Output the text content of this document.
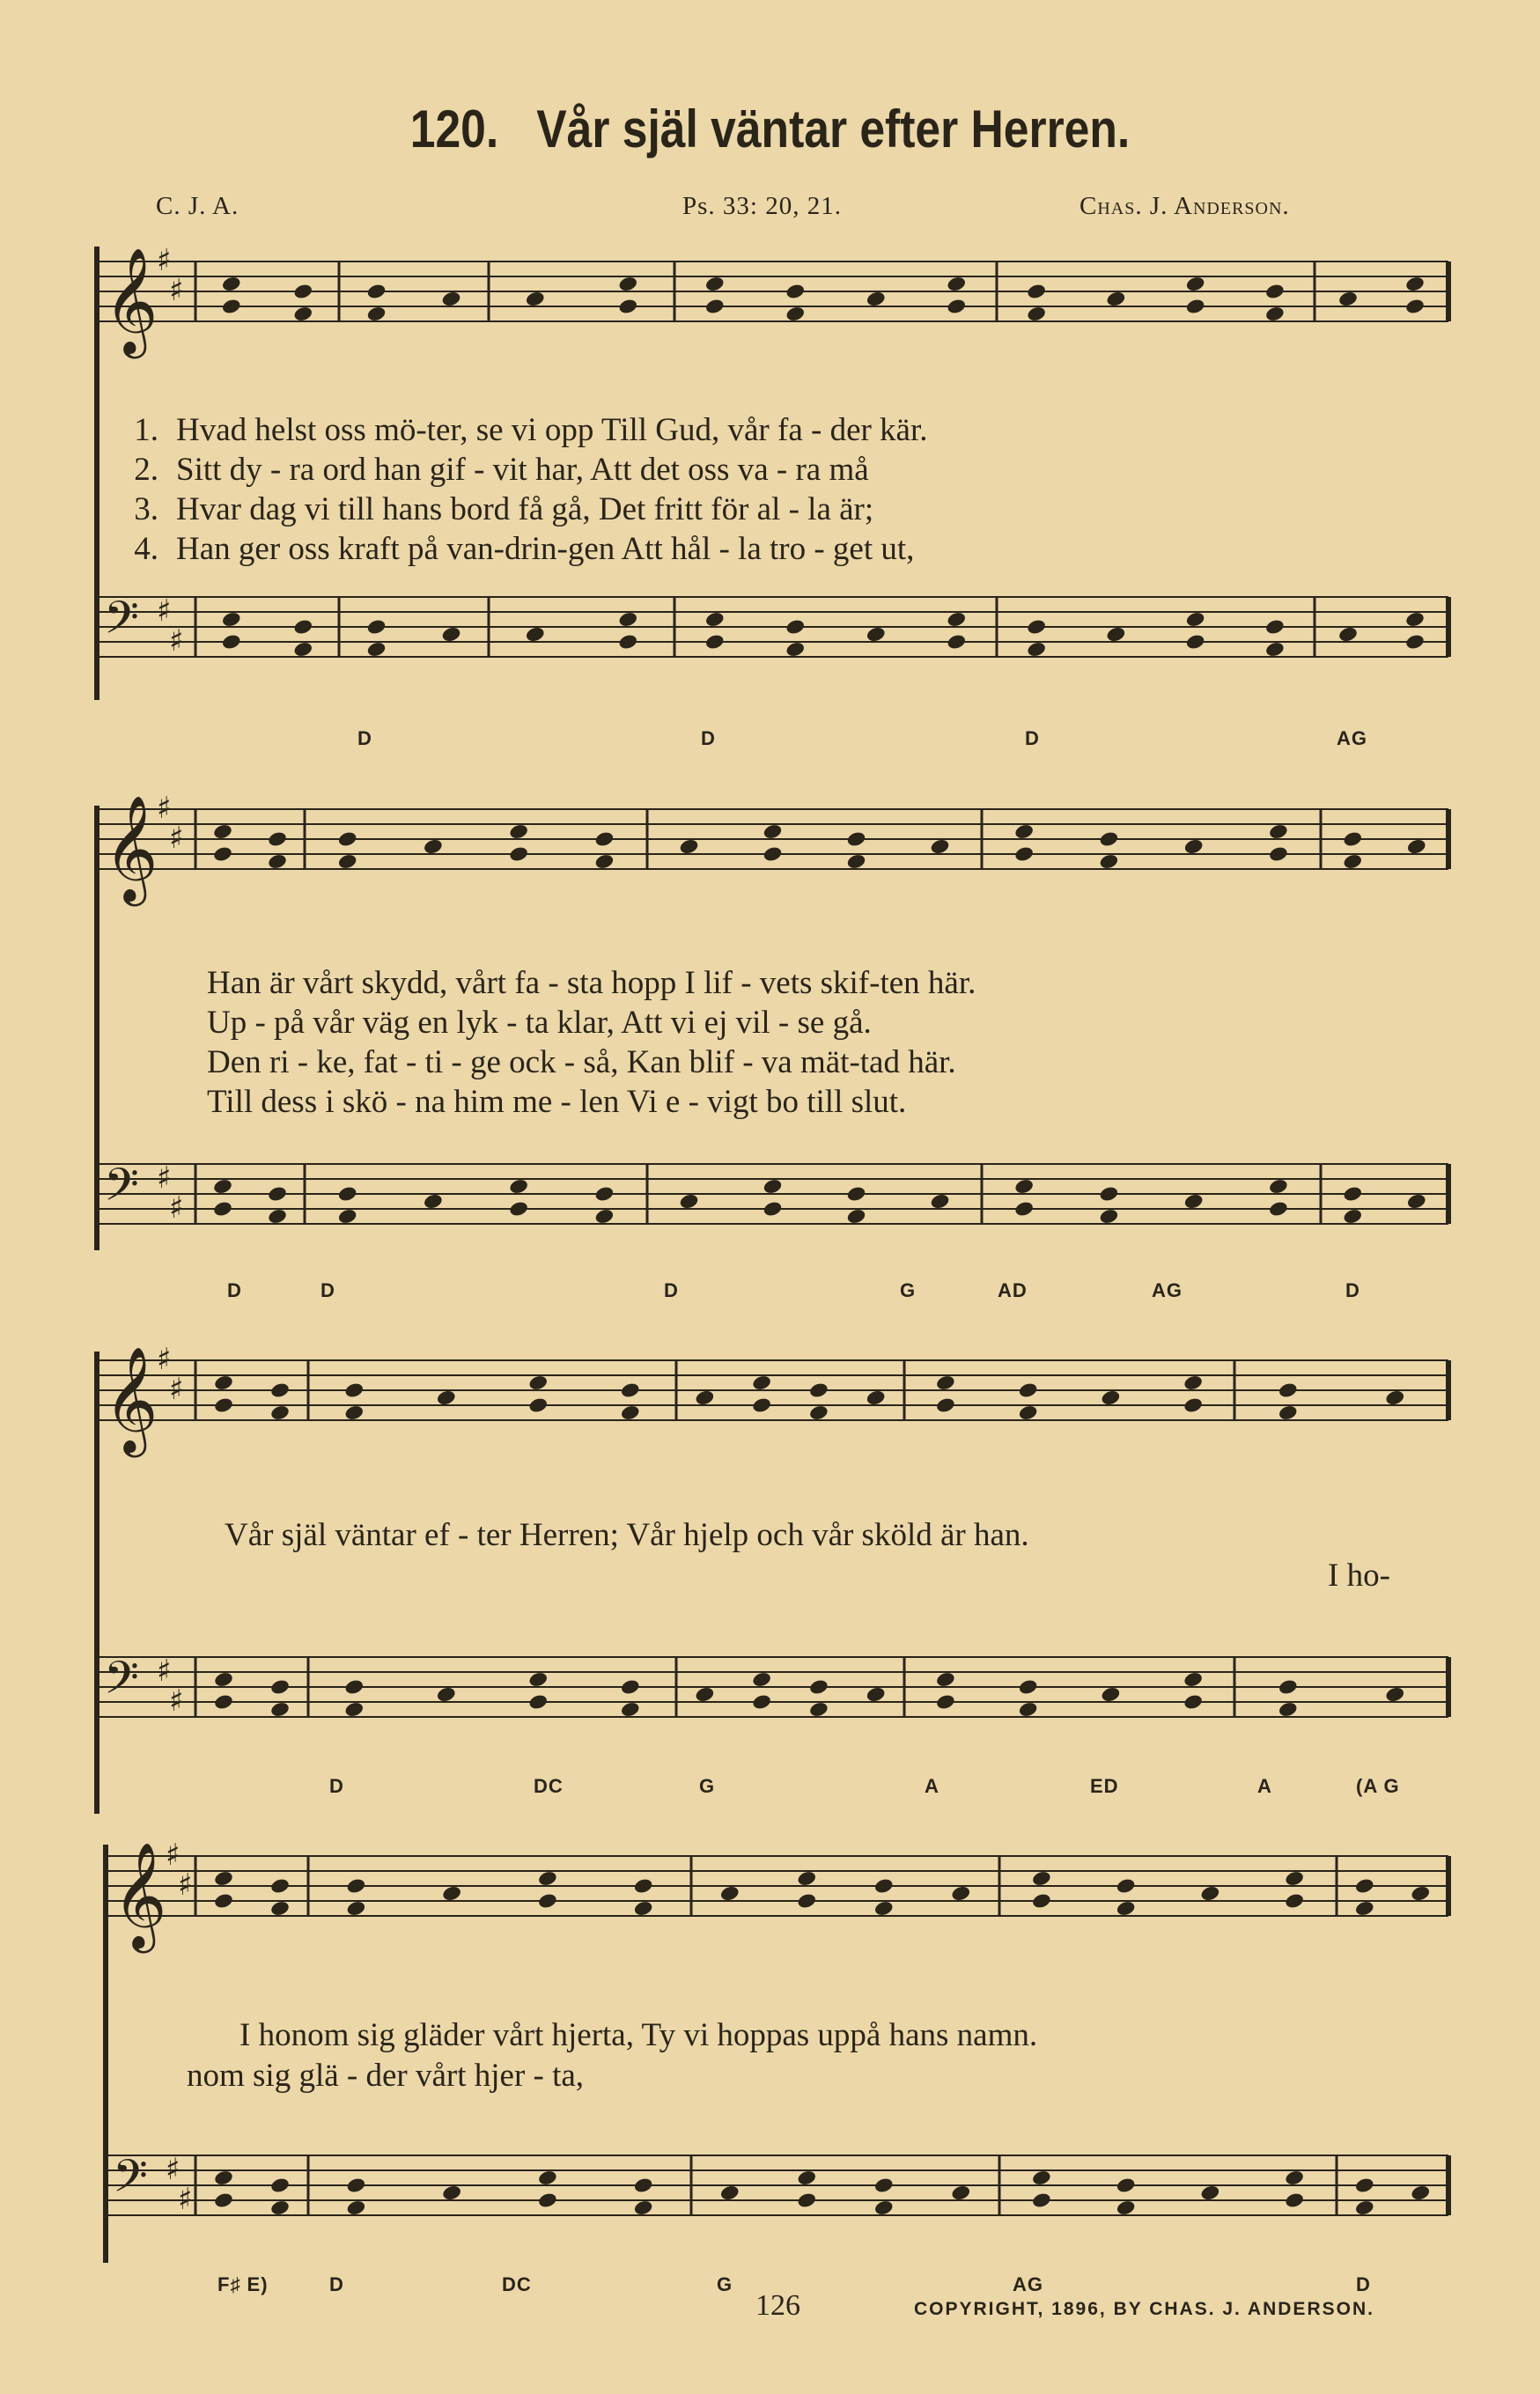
120. Vår själ väntar efter Herren.
C. J. A.	Ps. 33: 20, 21.	Chas. J. Anderson.
𝄞
♯
♯
𝄢 ♯
♯
𝄞
♯
♯
𝄢 ♯
♯
𝄞
♯
♯
𝄢 ♯
♯
𝄞
♯
♯
𝄢 ♯
♯
1. Hvad helst oss mö-ter, se vi opp Till Gud, vår fa - der kär.
2. Sitt dy - ra ord han gif - vit har, Att det oss va - ra må
3. Hvar dag vi till hans bord få gå, Det fritt för al - la är;
4. Han ger oss kraft på van-drin-gen Att hål - la tro - get ut,
Han är vårt skydd, vårt fa - sta hopp I lif - vets skif-ten här.
Up - på vår väg en lyk - ta klar, Att vi ej vil - se gå.
Den ri - ke, fat - ti - ge ock - så, Kan blif - va mät-tad här.
Till dess i skö - na him me - len Vi e - vigt bo till slut.
Vår själ väntar ef - ter Herren; Vår hjelp och vår sköld är han.
I ho-
I honom sig gläder vårt hjerta, Ty vi hoppas uppå hans namn.
nom sig glä - der vårt hjer - ta,
D	D	D	AG
D	D	D	G	AD	AG	D
D	DC	G	A	ED	A	(A G
F♯ E)	D	DC	G	AG	D
126	COPYRIGHT, 1896, BY CHAS. J. ANDERSON.
